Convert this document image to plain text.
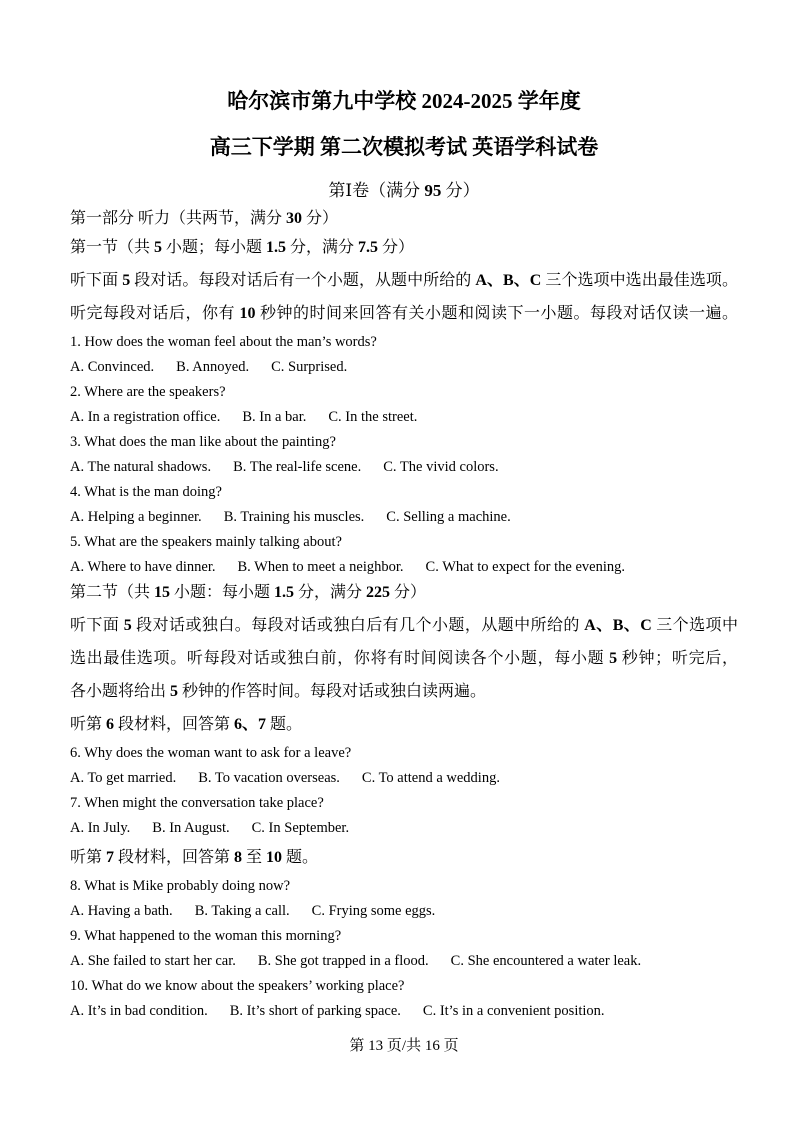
哈尔滨市第九中学校 2024-2025 学年度
高三下学期 第二次模拟考试 英语学科试卷
第Ⅰ卷（满分 95 分）
第一部分 听力（共两节，满分 30 分）
第一节（共 5 小题；每小题 1.5 分，满分 7.5 分）
听下面 5 段对话。每段对话后有一个小题，从题中所给的 A、B、C 三个选项中选出最佳选项。
听完每段对话后，你有 10 秒钟的时间来回答有关小题和阅读下一小题。每段对话仅读一遍。
1. How does the woman feel about the man’s words?
A. Convinced. B. Annoyed. C. Surprised.
2. Where are the speakers?
A. In a registration office. B. In a bar. C. In the street.
3. What does the man like about the painting?
A. The natural shadows. B. The real-life scene. C. The vivid colors.
4. What is the man doing?
A. Helping a beginner. B. Training his muscles. C. Selling a machine.
5. What are the speakers mainly talking about?
A. Where to have dinner. B. When to meet a neighbor. C. What to expect for the evening.
第二节（共 15 小题：每小题 1.5 分，满分 225 分）
听下面 5 段对话或独白。每段对话或独白后有几个小题，从题中所给的 A、B、C 三个选项中
选出最佳选项。听每段对话或独白前，你将有时间阅读各个小题，每小题 5 秒钟；听完后，
各小题将给出 5 秒钟的作答时间。每段对话或独白读两遍。
听第 6 段材料，回答第 6、7 题。
6. Why does the woman want to ask for a leave?
A. To get married. B. To vacation overseas. C. To attend a wedding.
7. When might the conversation take place?
A. In July. B. In August. C. In September.
听第 7 段材料，回答第 8 至 10 题。
8. What is Mike probably doing now?
A. Having a bath. B. Taking a call. C. Frying some eggs.
9. What happened to the woman this morning?
A. She failed to start her car. B. She got trapped in a flood. C. She encountered a water leak.
10. What do we know about the speakers’ working place?
A. It’s in bad condition. B. It’s short of parking space. C. It’s in a convenient position.
第 13 页/共 16 页
